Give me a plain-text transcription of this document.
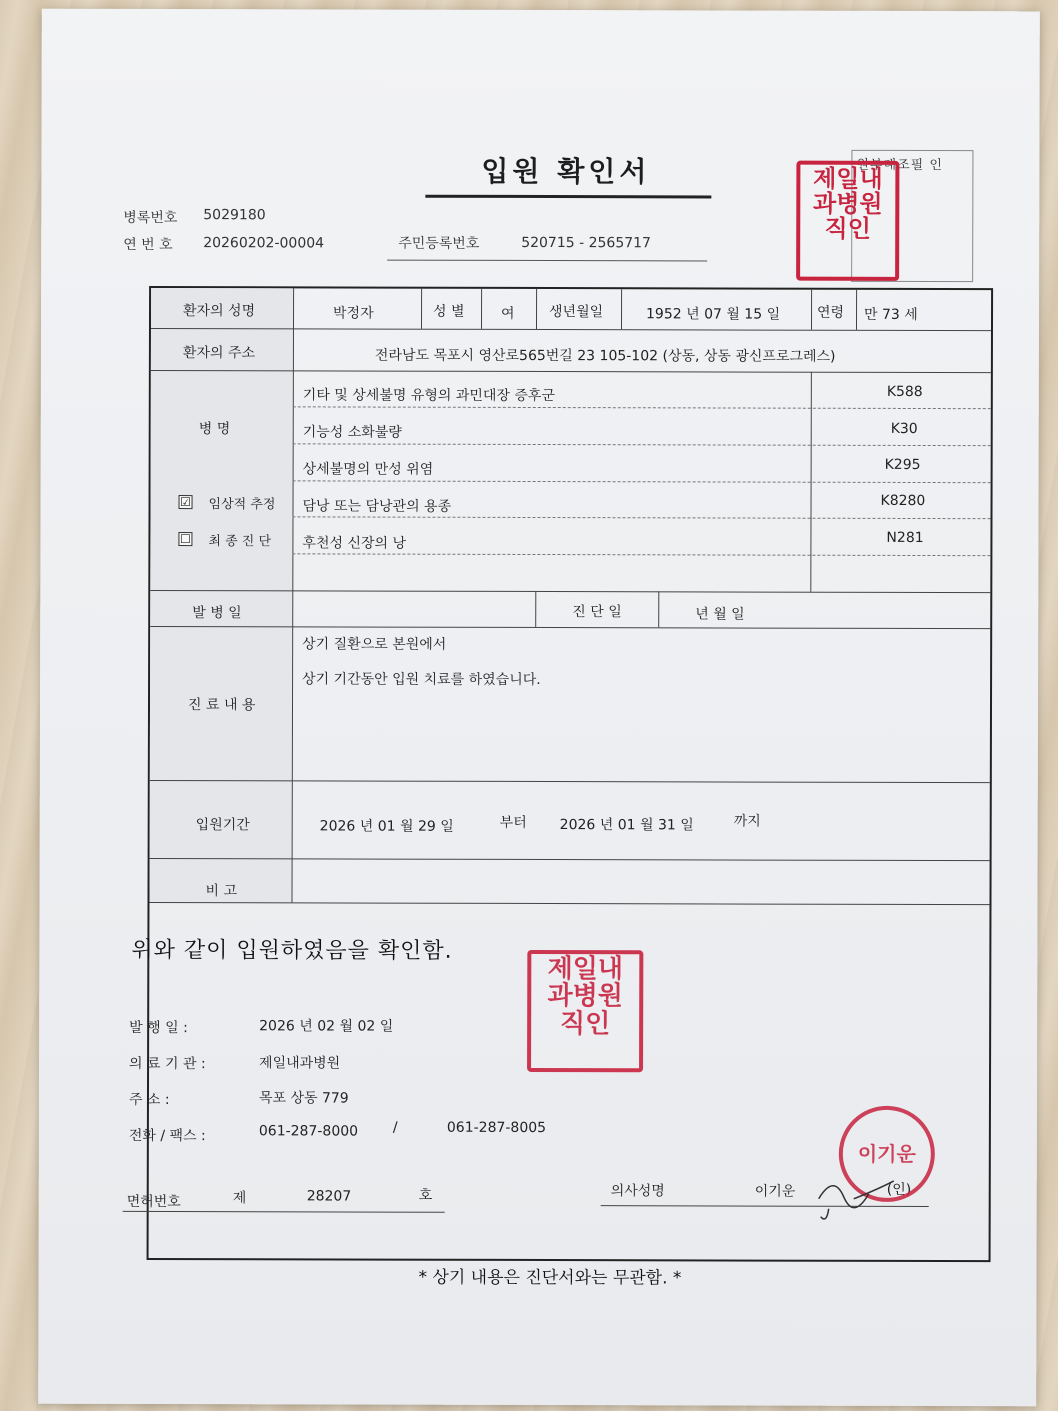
입원 확인서	원부대조필 인
제일내
과병원
직인
병록번호 5029180
연 번 호 20260202-00004	주민등록번호	520715 - 2565717
환자의 성명	박정자	성 별	여 생년월일	1952 년 07 월 15 일	연령 만 73 세
환자의 주소	전라남도 목포시 영산로565번길 23 105-102 (상동, 상동 광신프로그레스)
병 명
☑ 임상적 추정
☐ 최 종 진 단
기타 및 상세불명 유형의 과민대장 증후군	K588
기능성 소화불량	K30
상세불명의 만성 위염	K295
담낭 또는 담낭관의 용종	K8280
후천성 신장의 낭	N281
발 병 일	진 단 일	년 월 일
진 료 내 용
상기 질환으로 본원에서
상기 기간동안 입원 치료를 하였습니다.
입원기간	2026 년 01 월 29 일	부터 2026 년 01 월 31 일	까지
비 고
위와 같이 입원하였음을 확인함.
제일내
과병원
직인
발 행 일 :	2026 년 02 월 02 일
의 료 기 관 :	제일내과병원
주 소 :	목포 상동 779
전화 / 팩스 :	061-287-8000 /	061-287-8005
면허번호	제	28207	호	의사성명	이기운	(인)
이기운
* 상기 내용은 진단서와는 무관함. *
